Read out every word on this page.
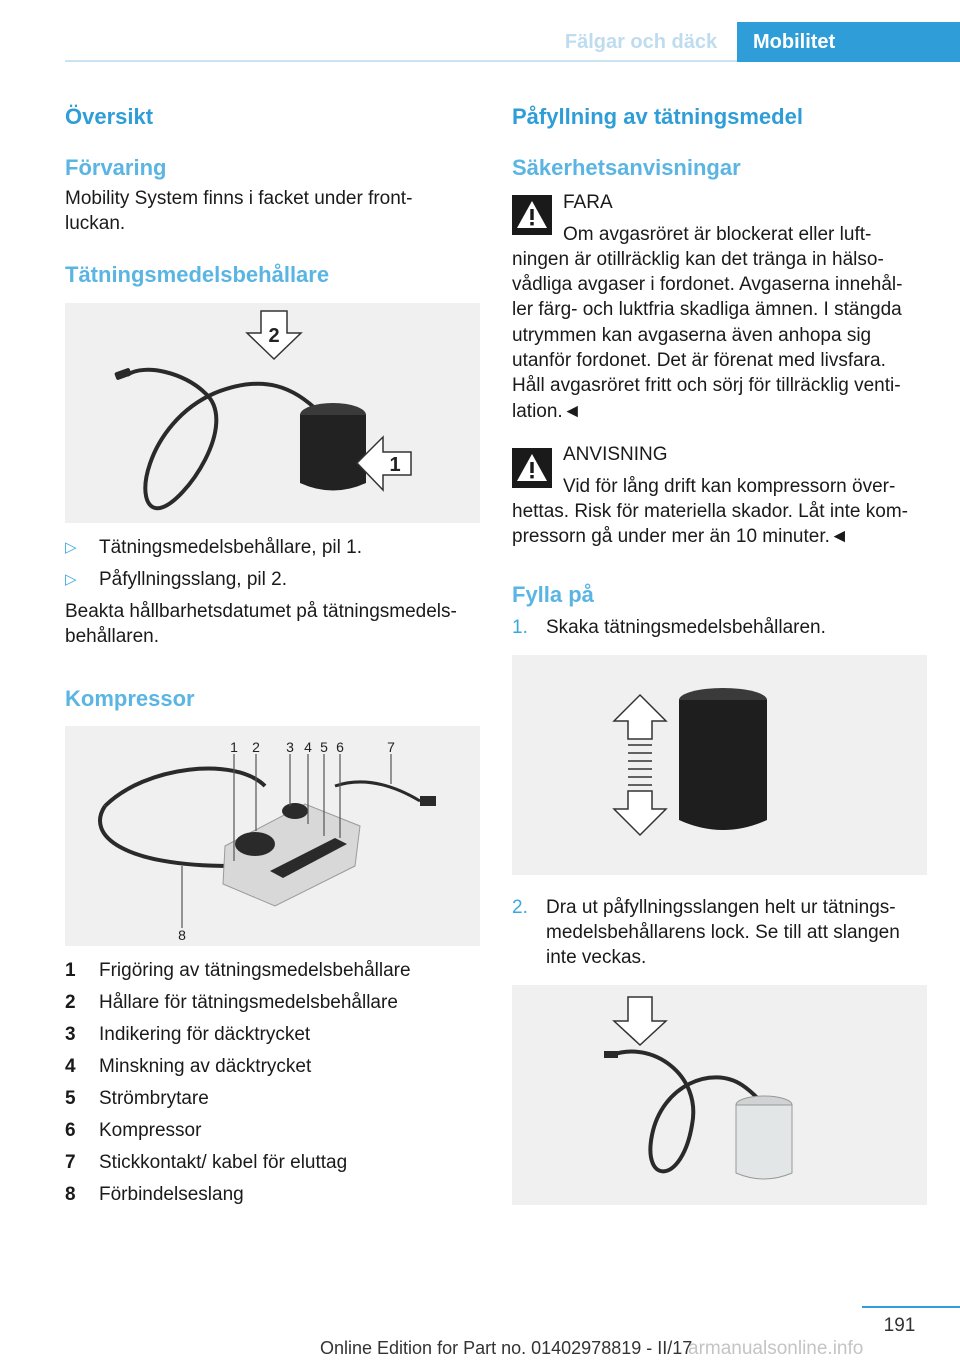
Fälgar och däck	Mobilitet
Översikt
Förvaring

Mobility System finns i facket under front‐

luckan.

Tätningsmedelsbehållare
2
1
▷	Tätningsmedelsbehållare, pil 1.
▷	Påfyllningsslang, pil 2.

Beakta hållbarhetsdatumet på tätningsmedels‐

behållaren.

Kompressor
1 2 3 4 5 6	7
8
1 Frigöring av tätningsmedelsbehållare
2 Hållare för tätningsmedelsbehållare
3 Indikering för däcktrycket
4 Minskning av däcktrycket
5 Strömbrytare
6 Kompressor
7 Stickkontakt/ kabel för eluttag
8 Förbindelseslang
Påfyllning av tätningsmedel
Säkerhetsanvisningar

FARA

Om avgasröret är blockerat eller luft‐

ningen är otillräcklig kan det tränga in hälso‐

vådliga avgaser i fordonet. Avgaserna innehål‐

ler färg- och luktfria skadliga ämnen. I stängda

utrymmen kan avgaserna även anhopa sig

utanför fordonet. Det är förenat med livsfara.

Håll avgasröret fritt och sörj för tillräcklig venti‐

lation.◄

ANVISNING

Vid för lång drift kan kompressorn över‐

hettas. Risk för materiella skador. Låt inte kom‐

pressorn gå under mer än 10 minuter.◄

Fylla på
1. Skaka tätningsmedelsbehållaren.

2. Dra ut påfyllningsslangen helt ur tätnings‐

medelsbehållarens lock. Se till att slangen

inte veckas.

191
Online Edition for Part no. 01402978819 - II/17
armanualsonline.info
